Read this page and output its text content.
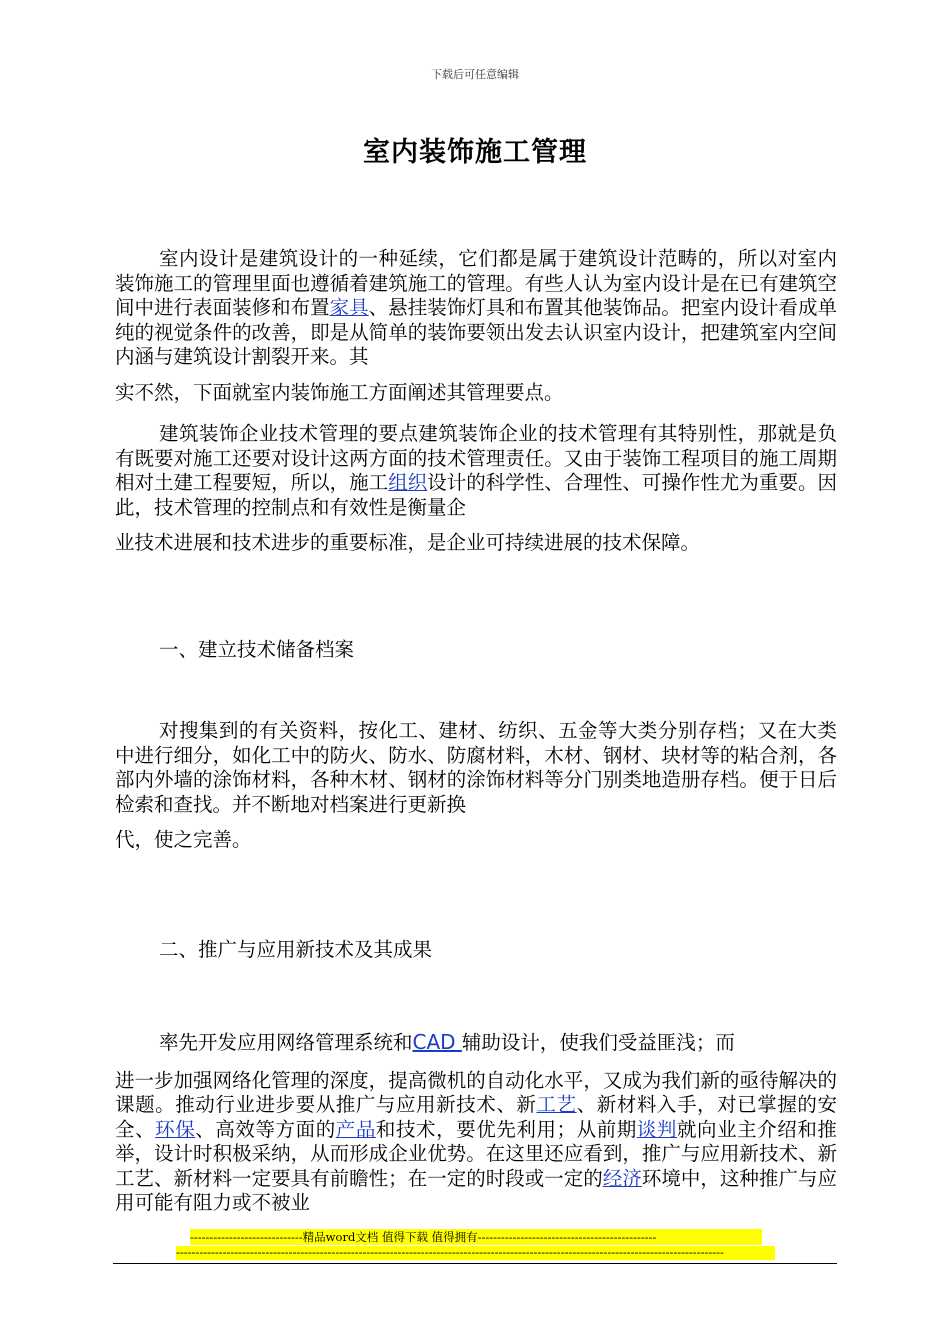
下载后可任意编辑
室内装饰施工管理

室内设计是建筑设计的一种延续，它们都是属于建筑设计范畴的，所以对室内装饰施工的管理里面也遵循着建筑施工的管理。有些人认为室内设计是在已有建筑空间中进行表面装修和布置家具、悬挂装饰灯具和布置其他装饰品。把室内设计看成单纯的视觉条件的改善，即是从简单的装饰要领出发去认识室内设计，把建筑室内空间内涵与建筑设计割裂开来。其

实不然，下面就室内装饰施工方面阐述其管理要点。

建筑装饰企业技术管理的要点建筑装饰企业的技术管理有其特别性，那就是负有既要对施工还要对设计这两方面的技术管理责任。又由于装饰工程项目的施工周期相对土建工程要短，所以，施工组织设计的科学性、合理性、可操作性尤为重要。因此，技术管理的控制点和有效性是衡量企

业技术进展和技术进步的重要标准，是企业可持续进展的技术保障。

一、建立技术储备档案

对搜集到的有关资料，按化工、建材、纺织、五金等大类分别存档；又在大类中进行细分，如化工中的防火、防水、防腐材料，木材、钢材、块材等的粘合剂，各部内外墙的涂饰材料，各种木材、钢材的涂饰材料等分门别类地造册存档。便于日后检索和查找。并不断地对档案进行更新换

代，使之完善。

二、推广与应用新技术及其成果

率先开发应用网络管理系统和CAD 辅助设计，使我们受益匪浅；而

进一步加强网络化管理的深度，提高微机的自动化水平，又成为我们新的亟待解决的课题。推动行业进步要从推广与应用新技术、新工艺、新材料入手，对已掌握的安全、环保、高效等方面的产品和技术，要优先利用；从前期谈判就向业主介绍和推举，设计时积极采纳，从而形成企业优势。在这里还应看到，推广与应用新技术、新工艺、新材料一定要具有前瞻性；在一定的时段或一定的经济环境中，这种推广与应用可能有阻力或不被业

-----------------------------精品word文档 值得下载 值得拥有----------------------------------------------
---------------------------------------------------------------------------------------------------------------------------------------------
